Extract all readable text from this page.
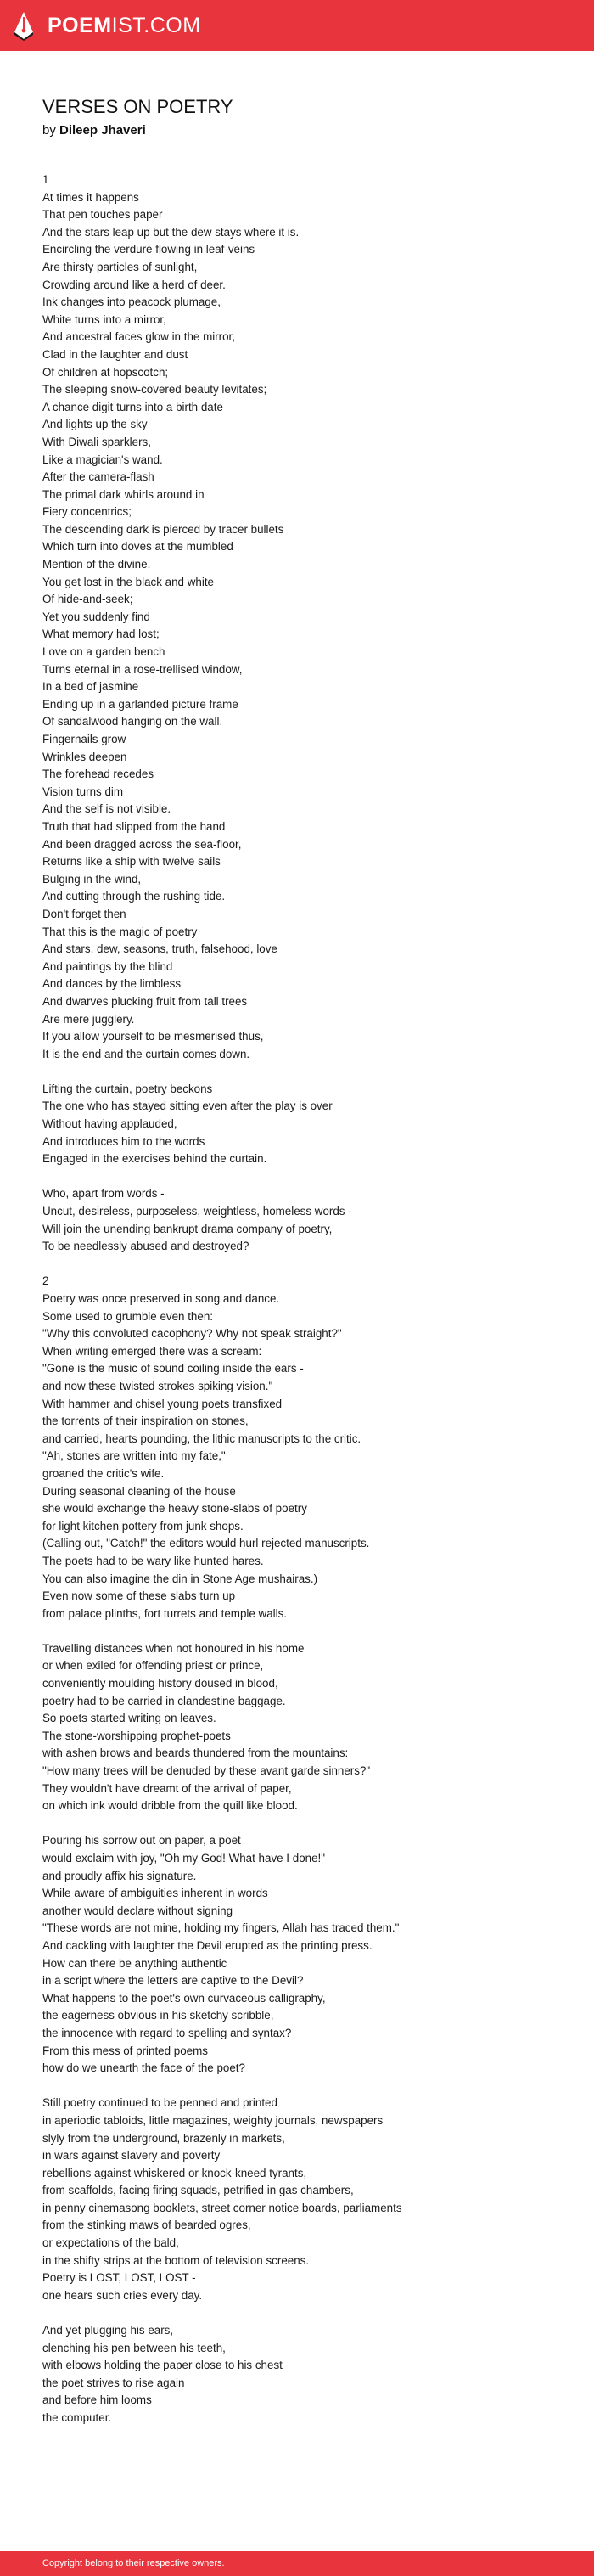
POEMIST.COM
VERSES ON POETRY
by Dileep Jhaveri
1
At times it happens
That pen touches paper
And the stars leap up but the dew stays where it is.
Encircling the verdure flowing in leaf-veins
Are thirsty particles of sunlight,
Crowding around like a herd of deer.
Ink changes into peacock plumage,
White turns into a mirror,
And ancestral faces glow in the mirror,
Clad in the laughter and dust
Of children at hopscotch;
The sleeping snow-covered beauty levitates;
A chance digit turns into a birth date
And lights up the sky
With Diwali sparklers,
Like a magician's wand.
After the camera-flash
The primal dark whirls around in
Fiery concentrics;
The descending dark is pierced by tracer bullets
Which turn into doves at the mumbled
Mention of the divine.
You get lost in the black and white
Of hide-and-seek;
Yet you suddenly find
What memory had lost;
Love on a garden bench
Turns eternal in a rose-trellised window,
In a bed of jasmine
Ending up in a garlanded picture frame
Of sandalwood hanging on the wall.
Fingernails grow
Wrinkles deepen
The forehead recedes
Vision turns dim
And the self is not visible.
Truth that had slipped from the hand
And been dragged across the sea-floor,
Returns like a ship with twelve sails
Bulging in the wind,
And cutting through the rushing tide.
Don't forget then
That this is the magic of poetry
And stars, dew, seasons, truth, falsehood, love
And paintings by the blind
And dances by the limbless
And dwarves plucking fruit from tall trees
Are mere jugglery.
If you allow yourself to be mesmerised thus,
It is the end and the curtain comes down.
Lifting the curtain, poetry beckons
The one who has stayed sitting even after the play is over
Without having applauded,
And introduces him to the words
Engaged in the exercises behind the curtain.
Who, apart from words -
Uncut, desireless, purposeless, weightless, homeless words -
Will join the unending bankrupt drama company of poetry,
To be needlessly abused and destroyed?
2
Poetry was once preserved in song and dance.
Some used to grumble even then:
"Why this convoluted cacophony? Why not speak straight?"
When writing emerged there was a scream:
"Gone is the music of sound coiling inside the ears -
and now these twisted strokes spiking vision."
With hammer and chisel young poets transfixed
the torrents of their inspiration on stones,
and carried, hearts pounding, the lithic manuscripts to the critic.
"Ah, stones are written into my fate,"
groaned the critic's wife.
During seasonal cleaning of the house
she would exchange the heavy stone-slabs of poetry
for light kitchen pottery from junk shops.
(Calling out, "Catch!" the editors would hurl rejected manuscripts.
The poets had to be wary like hunted hares.
You can also imagine the din in Stone Age mushairas.)
Even now some of these slabs turn up
from palace plinths, fort turrets and temple walls.
Travelling distances when not honoured in his home
or when exiled for offending priest or prince,
conveniently moulding history doused in blood,
poetry had to be carried in clandestine baggage.
So poets started writing on leaves.
The stone-worshipping prophet-poets
with ashen brows and beards thundered from the mountains:
"How many trees will be denuded by these avant garde sinners?"
They wouldn't have dreamt of the arrival of paper,
on which ink would dribble from the quill like blood.
Pouring his sorrow out on paper, a poet
would exclaim with joy, "Oh my God! What have I done!"
and proudly affix his signature.
While aware of ambiguities inherent in words
another would declare without signing
"These words are not mine, holding my fingers, Allah has traced them."
And cackling with laughter the Devil erupted as the printing press.
How can there be anything authentic
in a script where the letters are captive to the Devil?
What happens to the poet's own curvaceous calligraphy,
the eagerness obvious in his sketchy scribble,
the innocence with regard to spelling and syntax?
From this mess of printed poems
how do we unearth the face of the poet?
Still poetry continued to be penned and printed
in aperiodic tabloids, little magazines, weighty journals, newspapers
slyly from the underground, brazenly in markets,
in wars against slavery and poverty
rebellions against whiskered or knock-kneed tyrants,
from scaffolds, facing firing squads, petrified in gas chambers,
in penny cinemasong booklets, street corner notice boards, parliaments
from the stinking maws of bearded ogres,
or expectations of the bald,
in the shifty strips at the bottom of television screens.
Poetry is LOST, LOST, LOST -
one hears such cries every day.
And yet plugging his ears,
clenching his pen between his teeth,
with elbows holding the paper close to his chest
the poet strives to rise again
and before him looms
the computer.
Copyright belong to their respective owners.
